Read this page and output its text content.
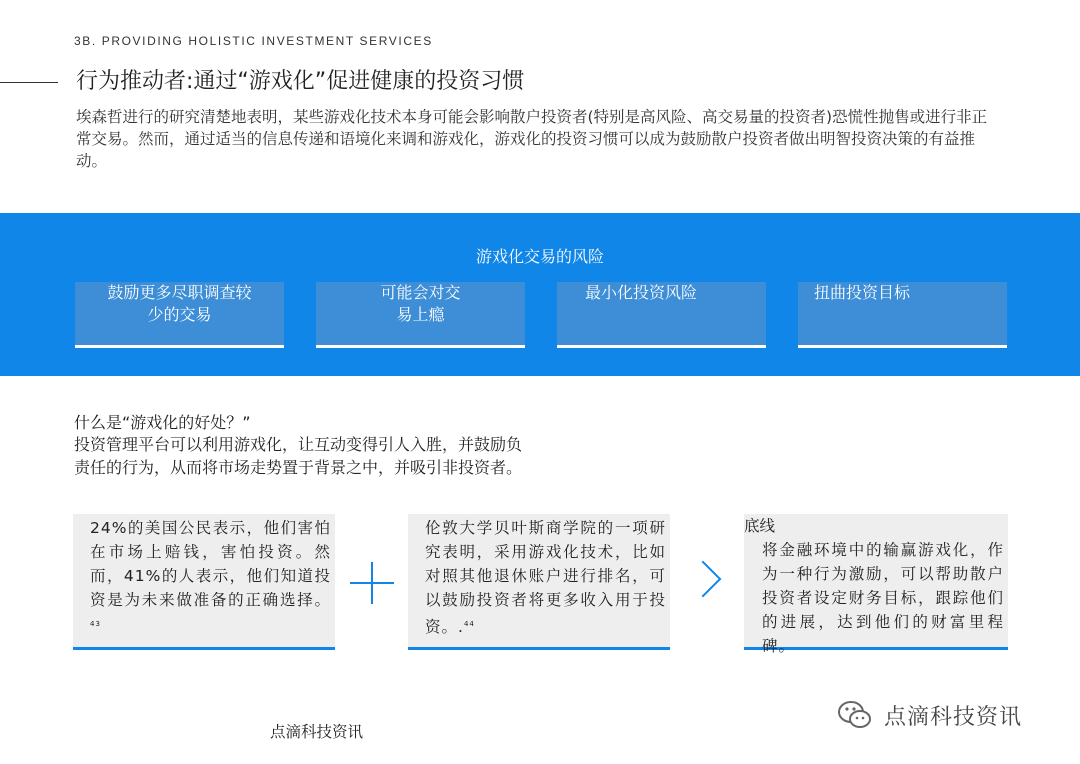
3B. PROVIDING HOLISTIC INVESTMENT SERVICES
行为推动者:通过“游戏化”促进健康的投资习惯
埃森哲进行的研究清楚地表明，某些游戏化技术本身可能会影响散户投资者(特别是高风险、高交易量的投资者)恐慌性抛售或进行非正常交易。然而，通过适当的信息传递和语境化来调和游戏化，游戏化的投资习惯可以成为鼓励散户投资者做出明智投资决策的有益推动。
游戏化交易的风险
鼓励更多尽职调查较
少的交易
可能会对交
易上瘾
最小化投资风险	扭曲投资目标
什么是“游戏化的好处？”
投资管理平台可以利用游戏化，让互动变得引人入胜，并鼓励负责任的行为，从而将市场走势置于背景之中，并吸引非投资者。
24%的美国公民表示，他们害怕在市场上赔钱，害怕投资。然而，41%的人表示，他们知道投资是为未来做准备的正确选择。$^{43}$
伦敦大学贝叶斯商学院的一项研究表明，采用游戏化技术，比如对照其他退休账户进行排名，可以鼓励投资者将更多收入用于投资。.$^{44}$
将金融环境中的输赢游戏化，作为一种行为激励，可以帮助散户投资者设定财务目标，跟踪他们的进展，达到他们的财富里程碑。
底线
点滴科技资讯
点滴科技资讯
